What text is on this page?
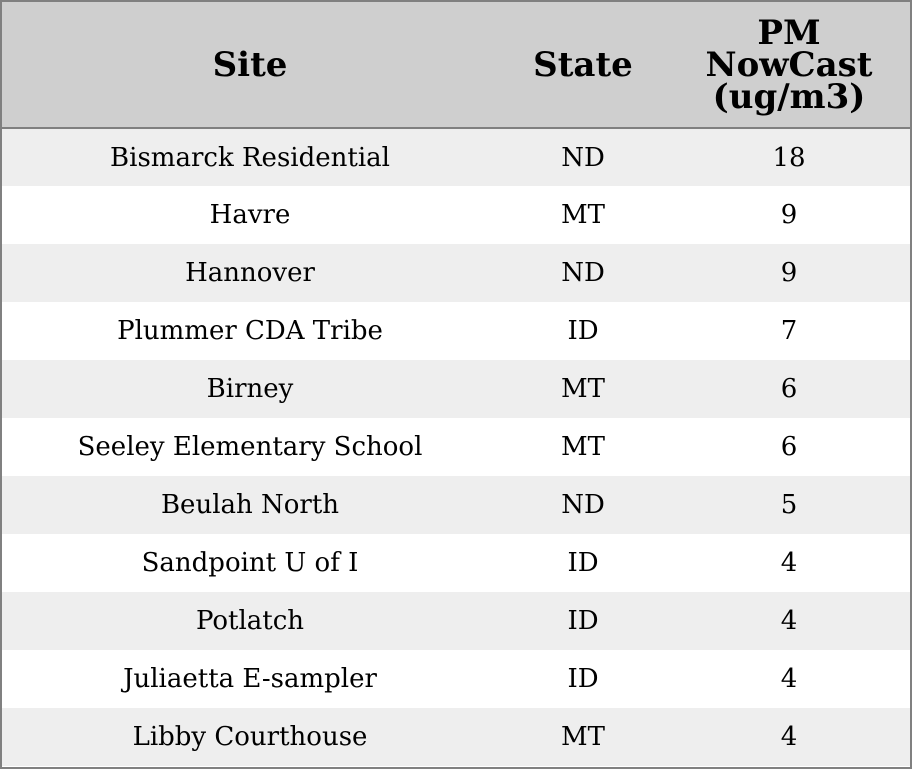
Site	State	PM
NowCast
(ug/m3)

Bismarck Residential	ND	18
Havre	MT	9
Hannover	ND	9
Plummer CDA Tribe	ID	7
Birney	MT	6
Seeley Elementary School	MT	6
Beulah North	ND	5
Sandpoint U of I	ID	4
Potlatch	ID	4
Juliaetta E-sampler	ID	4
Libby Courthouse	MT	4
